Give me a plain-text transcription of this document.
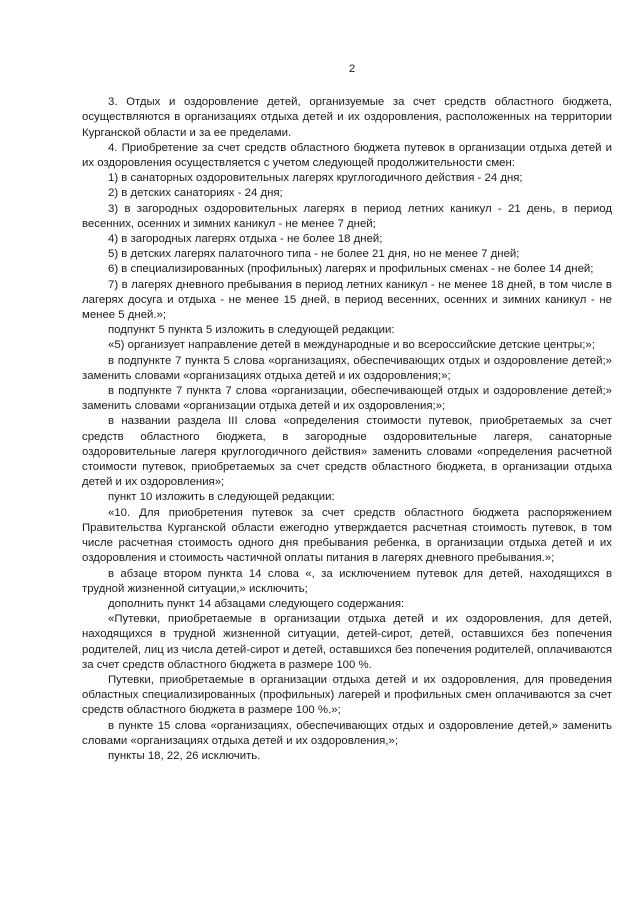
2

3. Отдых и оздоровление детей, организуемые за счет средств областного бюджета, осуществляются в организациях отдыха детей и их оздоровления, расположенных на территории Курганской области и за ее пределами.

4. Приобретение за счет средств областного бюджета путевок в организации отдыха детей и их оздоровления осуществляется с учетом следующей продолжительности смен:

1) в санаторных оздоровительных лагерях круглогодичного действия - 24 дня;

2) в детских санаториях - 24 дня;

3) в загородных оздоровительных лагерях в период летних каникул - 21 день, в период весенних, осенних и зимних каникул - не менее 7 дней;

4) в загородных лагерях отдыха - не более 18 дней;

5) в детских лагерях палаточного типа - не более 21 дня, но не менее 7 дней;

6) в специализированных (профильных) лагерях и профильных сменах - не более 14 дней;

7) в лагерях дневного пребывания в период летних каникул - не менее 18 дней, в том числе в лагерях досуга и отдыха - не менее 15 дней, в период весенних, осенних и зимних каникул - не менее 5 дней.»;

подпункт 5 пункта 5 изложить в следующей редакции:

«5) организует направление детей в международные и во всероссийские детские центры;»;

в подпункте 7 пункта 5 слова «организациях, обеспечивающих отдых и оздоровление детей;» заменить словами «организациях отдыха детей и их оздоровления;»;

в подпункте 7 пункта 7 слова «организации, обеспечивающей отдых и оздоровление детей;» заменить словами «организации отдыха детей и их оздоровления;»;

в названии раздела III слова «определения стоимости путевок, приобретаемых за счет средств областного бюджета, в загородные оздоровительные лагеря, санаторные оздоровительные лагеря круглогодичного действия» заменить словами «определения расчетной стоимости путевок, приобретаемых за счет средств областного бюджета, в организации отдыха детей и их оздоровления»;

пункт 10 изложить в следующей редакции:

«10. Для приобретения путевок за счет средств областного бюджета распоряжением Правительства Курганской области ежегодно утверждается расчетная стоимость путевок, в том числе расчетная стоимость одного дня пребывания ребенка, в организации отдыха детей и их оздоровления и стоимость частичной оплаты питания в лагерях дневного пребывания.»;

в абзаце втором пункта 14 слова «, за исключением путевок для детей, находящихся в трудной жизненной ситуации,» исключить;

дополнить пункт 14 абзацами следующего содержания:

«Путевки, приобретаемые в организации отдыха детей и их оздоровления, для детей, находящихся в трудной жизненной ситуации, детей-сирот, детей, оставшихся без попечения родителей, лиц из числа детей-сирот и детей, оставшихся без попечения родителей, оплачиваются за счет средств областного бюджета в размере 100 %.

Путевки, приобретаемые в организации отдыха детей и их оздоровления, для проведения областных специализированных (профильных) лагерей и профильных смен оплачиваются за счет средств областного бюджета в размере 100 %.»;

в пункте 15 слова «организациях, обеспечивающих отдых и оздоровление детей,» заменить словами «организациях отдыха детей и их оздоровления,»;

пункты 18, 22, 26 исключить.
